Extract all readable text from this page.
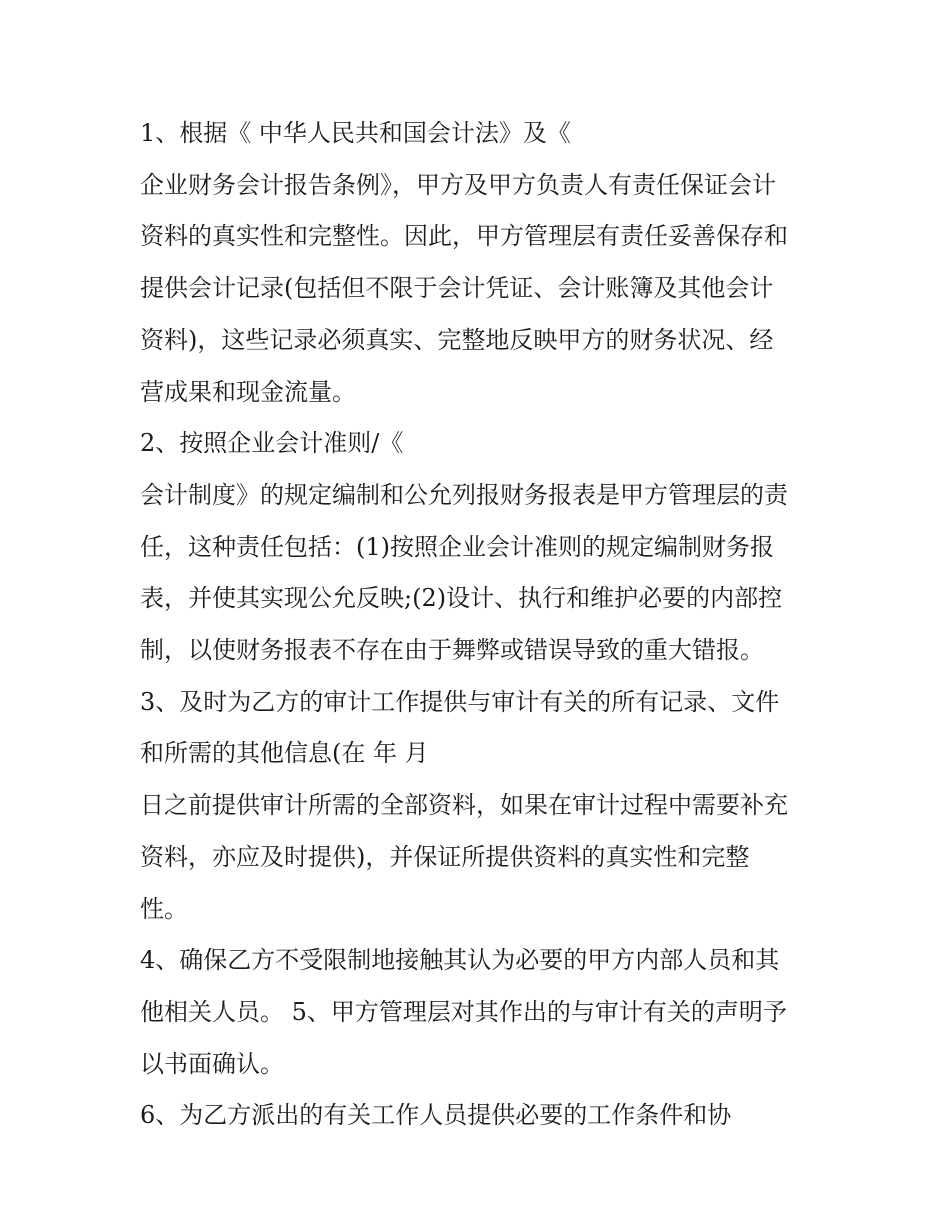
1、根据《 中华人民共和国会计法》及《

企业财务会计报告条例》，甲方及甲方负责人有责任保证会计

资料的真实性和完整性。因此，甲方管理层有责任妥善保存和

提供会计记录(包括但不限于会计凭证、会计账簿及其他会计

资料)，这些记录必须真实、完整地反映甲方的财务状况、经

营成果和现金流量。

2、按照企业会计准则/《

会计制度》的规定编制和公允列报财务报表是甲方管理层的责

任，这种责任包括：(1)按照企业会计准则的规定编制财务报

表，并使其实现公允反映;(2)设计、执行和维护必要的内部控

制，以使财务报表不存在由于舞弊或错误导致的重大错报。

3、及时为乙方的审计工作提供与审计有关的所有记录、文件

和所需的其他信息(在 年 月

日之前提供审计所需的全部资料，如果在审计过程中需要补充

资料，亦应及时提供)，并保证所提供资料的真实性和完整

性。

4、确保乙方不受限制地接触其认为必要的甲方内部人员和其

他相关人员。 5、甲方管理层对其作出的与审计有关的声明予

以书面确认。

6、为乙方派出的有关工作人员提供必要的工作条件和协
